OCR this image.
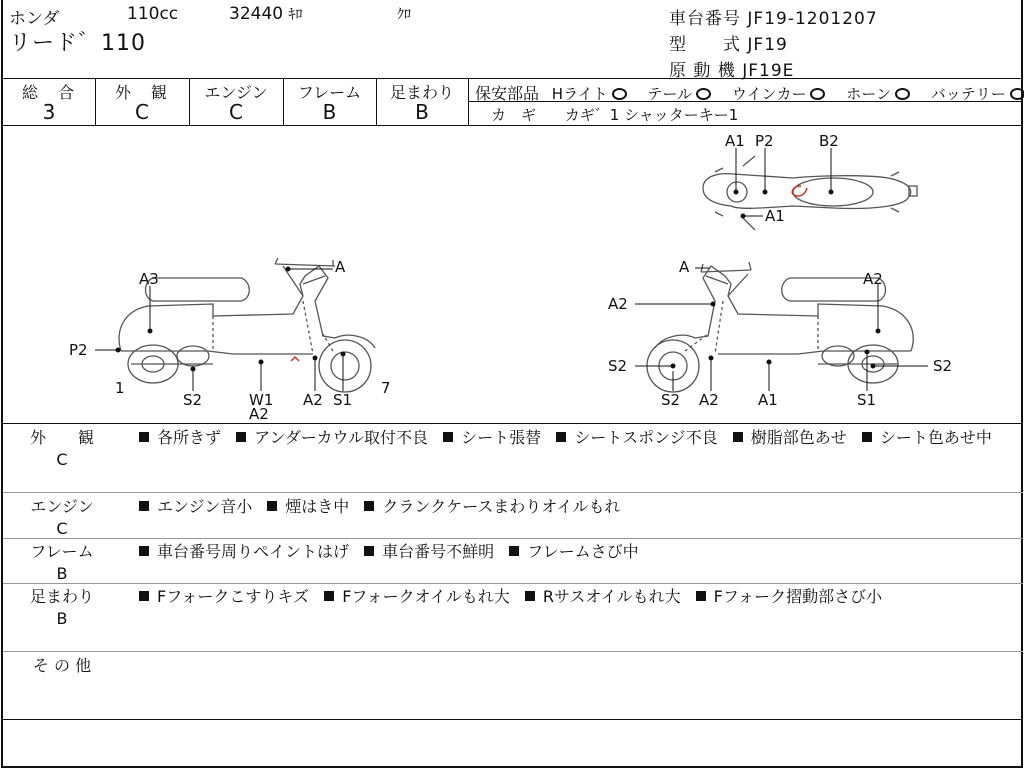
ホンダ	110cc	32440 ｷﾛ	ｸﾛ
リード゛110
車台番号 JF19-1201207
型　　式 JF19
原 動 機 JF19E
総　合
3
外　観
C
エンジン
C
フレーム
B
足まわり
B
保安部品 Hライト	テール	ウインカー	ホーン	バッテリー
カ　ギ カギ゛1 シャッターキー1
A
A3
P2
1
S2	W1
A2
A2 S1
7
A
A2
A2
S2	S2
S2 A2	A1	S1
A1 P2	B2
A1
外　　観
C
各所きず アンダーカウル取付不良 シート張替 シートスポンジ不良 樹脂部色あせ シート色あせ中
エンジン
C
エンジン音小 煙はき中 クランクケースまわりオイルもれ
フレーム
B
車台番号周りペイントはげ 車台番号不鮮明 フレームさび中
足まわり
B
Fフォークこすりキズ Fフォークオイルもれ大 Rサスオイルもれ大 Fフォーク摺動部さび小
そ の 他
